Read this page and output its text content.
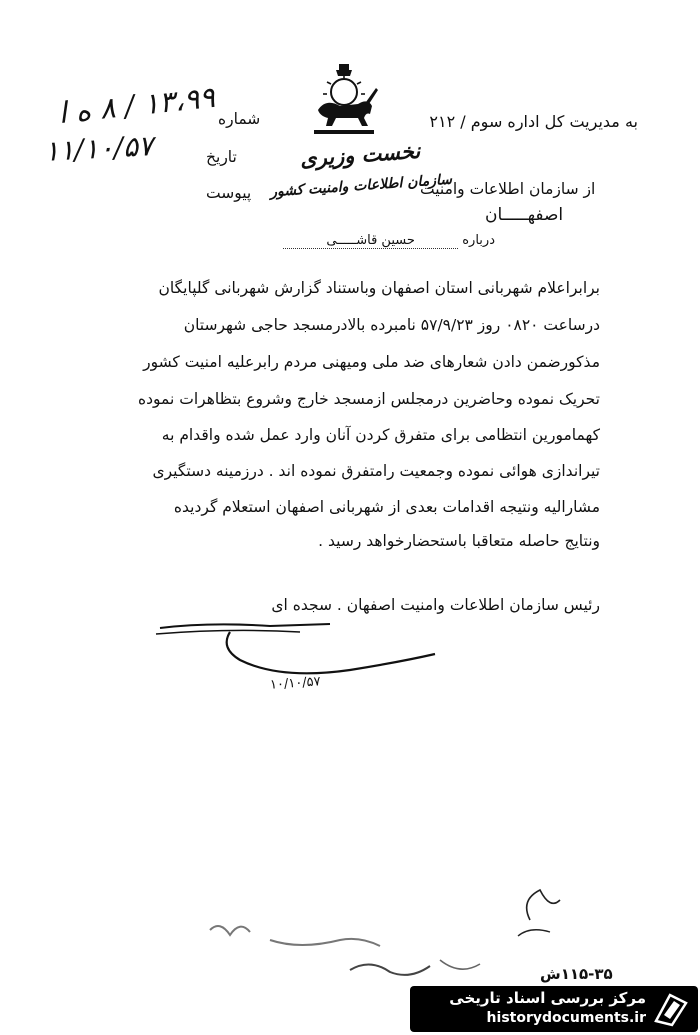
به مدیریت کل اداره سوم / ۲۱۲
شماره
۱۳،۹۹ / ۸ ه ا
تاریخ
۱۱/۱۰/۵۷
پیوست
نخست وزیری
سازمان اطلاعات وامنیت کشور
از سازمان اطلاعات وامنیت
اصفهـــــان
درباره حسین قاشـــــی
برابراعلام شهربانی استان اصفهان وباستناد گزارش شهربانی گلپایگان
درساعت ۰۸۲۰ روز ۵۷/۹/۲۳ نامبرده بالادرمسجد حاجی شهرستان
مذکورضمن دادن شعارهای ضد ملی ومیهنی مردم رابرعلیه امنیت کشور
تحریک نموده وحاضرین درمجلس ازمسجد خارج وشروع بتظاهرات نموده
کهمامورین انتظامی برای متفرق کردن آنان وارد عمل شده واقدام به
تیراندازی هوائی نموده وجمعیت رامتفرق نموده اند . درزمینه دستگیری
مشارالیه ونتیجه اقدامات بعدی از شهربانی اصفهان استعلام گردیده
ونتایج حاصله متعاقبا باستحضارخواهد رسید .
رئیس سازمان اطلاعات وامنیت اصفهان . سجده ای
۱۰/۱۰/۵۷
۱۱۵-۳۵ش
مرکز بررسی اسناد تاریخی
historydocuments.ir
